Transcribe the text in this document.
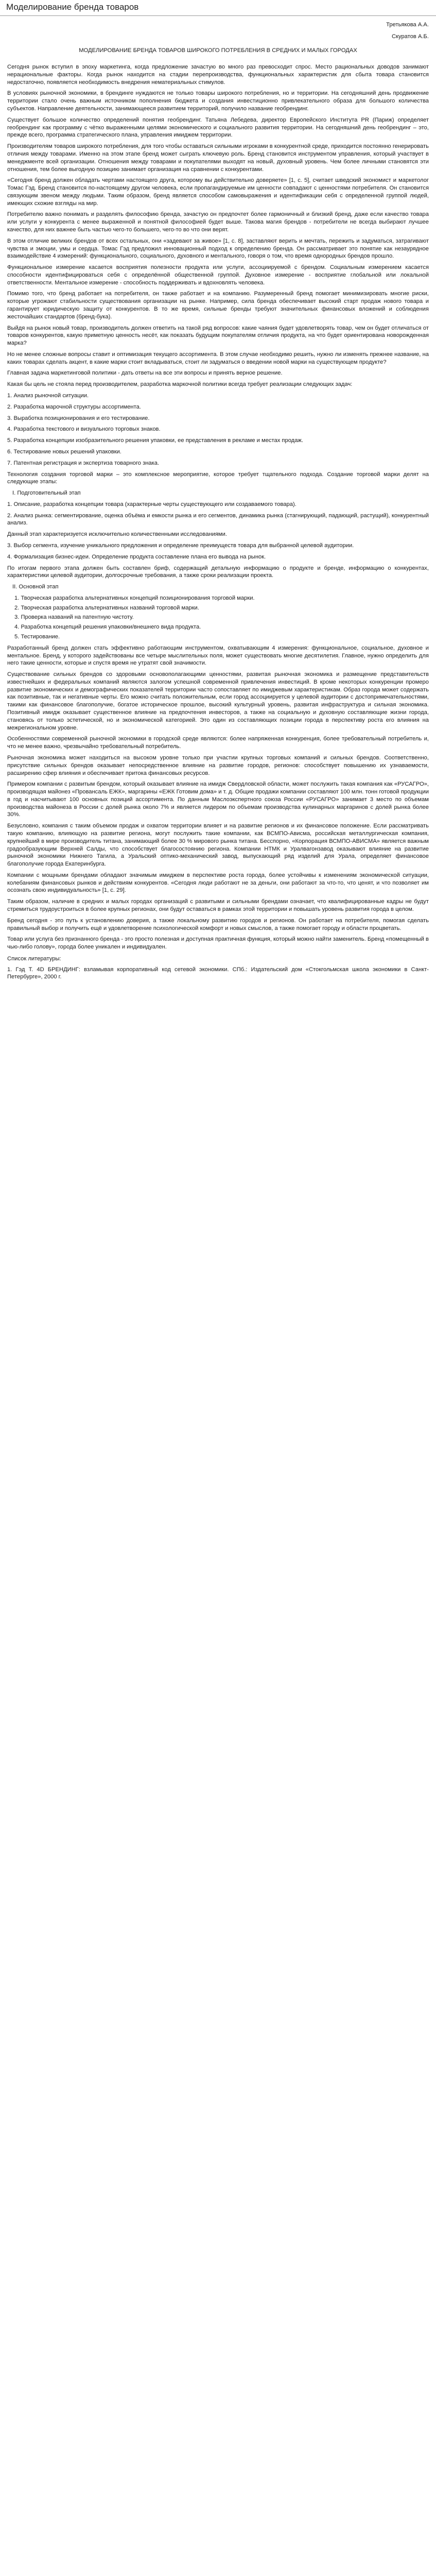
Моделирование бренда товаров
Третьякова А.А.
Скуратов А.Б.
МОДЕЛИРОВАНИЕ БРЕНДА ТОВАРОВ ШИРОКОГО ПОТРЕБЛЕНИЯ В СРЕДНИХ И МАЛЫХ ГОРОДАХ

Сегодня рынок вступил в эпоху маркетинга, когда предложение зачастую во много раз превосходит спрос. Место рациональных доводов занимают нерациональные факторы. Когда рынок находится на стадии перепроизводства, функциональных характеристик для сбыта товара становится недостаточно, появляется необходимость внедрения нематериальных стимулов.

В условиях рыночной экономики, в брендинге нуждаются не только товары широкого потребления, но и территории. На сегодняшний день продвижение территории стало очень важным источником пополнения бюджета и создания инвестиционно привлекательного образа для большого количества субъектов. Направление деятельности, занимающееся развитием территорий, получило название геобрендинг.

Существует большое количество определений понятия геобрендинг. Татьяна Лебедева, директор Европейского Института PR (Париж) определяет геобрендинг как программу с чётко выраженными целями экономического и социального развития территории. На сегодняшний день геобрендинг – это, прежде всего, программа стратегического плана, управления имиджем территории.

Производителям товаров широкого потребления, для того чтобы оставаться сильными игроками в конкурентной среде, приходится постоянно генерировать отличия между товарами. Именно на этом этапе бренд может сыграть ключевую роль. Бренд становится инструментом управления, который участвует в менеджменте всей организации. Отношения между товарами и покупателями выходят на новый, духовный уровень. Чем более личными становятся эти отношения, тем более выгодную позицию занимает организация на сравнении с конкурентами.

«Сегодня бренд должен обладать чертами настоящего друга, которому вы действительно доверяете» [1, с. 5], считает шведский экономист и маркетолог Томас Гэд. Бренд становится по-настоящему другом человека, если пропагандируемые им ценности совпадают с ценностями потребителя. Он становится связующим звеном между людьми. Таким образом, бренд является способом самовыражения и идентификации себя с определенной группой людей, имеющих схожие взгляды на мир.

Потребителю важно понимать и разделять философию бренда, зачастую он предпочтет более гармоничный и близкий бренд, даже если качество товара или услуги у конкурента с менее выраженной и понятной философией будет выше. Такова магия брендов - потребители не всегда выбирают лучшее качество, для них важнее быть частью чего-то большего, чего-то во что они верят.

В этом отличие великих брендов от всех остальных, они «задевают за живое» [1, с. 8], заставляют верить и мечтать, пережить и задуматься, затрагивают чувства и эмоции, умы и сердца. Томас Гэд предложил инновационный подход к определению бренда. Он рассматривает это понятие как незаурядное взаимодействие 4 измерений: функционального, социального, духовного и ментального, говоря о том, что время однородных брендов прошло.

Функциональное измерение касается восприятия полезности продукта или услуги, ассоциируемой с брендом. Социальным измерением касается способности идентифицироваться себя с определённой общественной группой. Духовное измерение - восприятие глобальной или локальной ответственности. Ментальное измерение - способность поддерживать и вдохновлять человека.

Помимо того, что бренд работает на потребителя, он также работает и на компанию. Разумеренный бренд помогает минимизировать многие риски, которые угрожают стабильности существования организации на рынке. Например, сила бренда обеспечивает высокий старт продаж нового товара и гарантирует юридическую защиту от конкурентов. В то же время, сильные бренды требуют значительных финансовых вложений и соблюдения жесточайших стандартов (бренд-бука).

Выйдя на рынок новый товар, производитель должен ответить на такой ряд вопросов: какие чаяния будет удовлетворять товар, чем он будет отличаться от товаров конкурентов, какую приметную ценность несёт, как показать будущим покупателям отличия продукта, на что будет ориентирована новорожденная марка?

Но не менее сложные вопросы ставит и оптимизация текущего ассортимента. В этом случае необходимо решить, нужно ли изменять прежнее название, на каких товарах сделать акцент, в какие марки стоит вкладываться, стоит ли задуматься о введении новой марки на существующем продукте?

Главная задача маркетинговой политики - дать ответы на все эти вопросы и принять верное решение.

Какая бы цель не стояла перед производителем, разработка маркочной политики всегда требует реализации следующих задач:

1. Анализ рыночной ситуации.
2. Разработка марочной структуры ассортимента.
3. Выработка позиционирования и его тестирование.
4. Разработка текстового и визуального торговых знаков.
5. Разработка концепции изобразительного решения упаковки, ее представления в рекламе и местах продаж.
6. Тестирование новых решений упаковки.
7. Патентная регистрация и экспертиза товарного знака.

Технология создания торговой марки – это комплексное мероприятие, которое требует тщательного подхода. Создание торговой марки делят на следующие этапы:

I. Подготовительный этап

1. Описание, разработка концепции товара (характерные черты существующего или создаваемого товара).

2. Анализ рынка: сегментирование, оценка объёма и емкости рынка и его сегментов, динамика рынка (стагнирующий, падающий, растущий), конкурентный анализ.

Данный этап характеризуется исключительно количественными исследованиями.

3. Выбор сегмента, изучение уникального предложения и определение преимуществ товара для выбранной целевой аудитории.

4. Формализация бизнес-идеи. Определение продукта составление плана его вывода на рынок.

По итогам первого этапа должен быть составлен бриф, содержащий детальную информацию о продукте и бренде, информацию о конкурентах, характеристики целевой аудитории, долгосрочные требования, а также сроки реализации проекта.

II. Основной этап
1. Творческая разработка альтернативных концепций позиционирования торговой марки.
2. Творческая разработка альтернативных названий торговой марки.
3. Проверка названий на патентную чистоту.
4. Разработка концепций решения упаковки/внешнего вида продукта.
5. Тестирование.

Разработанный бренд должен стать эффективно работающим инструментом, охватывающим 4 измерения: функциональное, социальное, духовное и ментальное. Бренд, у которого задействованы все четыре мыслительных поля, может существовать многие десятилетия. Главное, нужно определить для него такие ценности, которые и спустя время не утратят свой значимости.

Существование сильных брендов со здоровыми основополагающими ценностями, развитая рыночная экономика и размещение представительств известнейших и федеральных компаний являются залогом успешной современной привлечения инвестиций. В кроме некоторых конкуренции промеро развитие экономических и демографических показателей территории часто сопоставляет по имиджевым характеристикам. Образ города может содержать как позитивные, так и негативные черты. Его можно считать положительным, если город ассоциируется у целевой аудитории с достопримечательностями, такими как финансовое благополучие, богатое историческое прошлое, высокий культурный уровень, развитая инфраструктура и сильная экономика. Позитивный имидж оказывает существенное влияние на предпочтения инвесторов, а также на социальную и духовную составляющие жизни города, становясь от только эстетической, но и экономической категорией. Это один из составляющих позиции города в перспективу роста его влияния на межрегиональном уровне.

Особенностями современной рыночной экономики в городской среде являются: более напряженная конкуренция, более требовательный потребитель и, что не менее важно, чрезвычайно требовательный потребитель.

Рыночная экономика может находиться на высоком уровне только при участии крупных торговых компаний и сильных брендов. Соответственно, присутствие сильных брендов оказывает непосредственное влияние на развитие городов, регионов: способствует повышению их узнаваемости, расширению сфер влияния и обеспечивает притока финансовых ресурсов.

Примером компании с развитым брендом, который оказывает влияние на имидж Свердловской области, может послужить такая компания как «РУСАГРО», производящая майонез «Провансаль ЕЖК», маргарины «ЕЖК Готовим дома» и т. д. Общие продажи компании составляют 100 млн. тонн готовой продукции в год и насчитывают 100 основных позиций ассортимента. По данным Маслоэкспертного союза России «РУСАГРО» занимает 3 место по объемам производства майонеза в России с долей рынка около 7% и является лидером по объемам производства кулинарных маргаринов с долей рынка более 30%.

Безусловно, компания с таким объемом продаж и охватом территории влияет и на развитие регионов и их финансовое положение. Если рассматривать такую компанию, влияющую на развитие региона, могут послужить такие компании, как ВСМПО-Ависма, российская металлургическая компания, крупнейший в мире производитель титана, занимающий более 30 % мирового рынка титана. Бесспорно, «Корпорация ВСМПО-АВИСМА» является важным градообразующим Верхней Салды, что способствует благосостоянию региона. Компании НТМК и Уралвагонзавод оказывают влияние на развитие рыночной экономики Нижнего Тагила, а Уральский оптико-механический завод, выпускающий ряд изделий для Урала, определяет финансовое благополучие города Екатеринбурга.

Компании с мощными брендами обладают значимым имиджем в перспективе роста города, более устойчивы к изменениям экономической ситуации, колебаниям финансовых рынков и действиям конкурентов. «Сегодня люди работают не за деньги, они работают за что-то, что ценят, и что позволяет им осознать свою индивидуальность» [1, с. 29].

Таким образом, наличие в средних и малых городах организаций с развитыми и сильными брендами означает, что квалифицированные кадры не будут стремиться трудоустроиться в более крупных регионах, они будут оставаться в рамках этой территории и повышать уровень развития города в целом.

Бренд сегодня - это путь к установлению доверия, а также локальному развитию городов и регионов. Он работает на потребителя, помогая сделать правильный выбор и получить ещё и удовлетворение психологической комфорт и новых смыслов, а также помогает городу и области процветать.

Товар или услуга без признанного бренда - это просто полезная и доступная практичная функция, который можно найти заменитель. Бренд «помещенный в чью-либо голову», города более уникален и индивидуален.

Список литературы:
1. Гэд Т. 4D БРЕНДИНГ: взламывая корпоративный код сетевой экономики. СПб.: Издательский дом «Стокгольмская школа экономики в Санкт-Петербурге», 2000 г.
